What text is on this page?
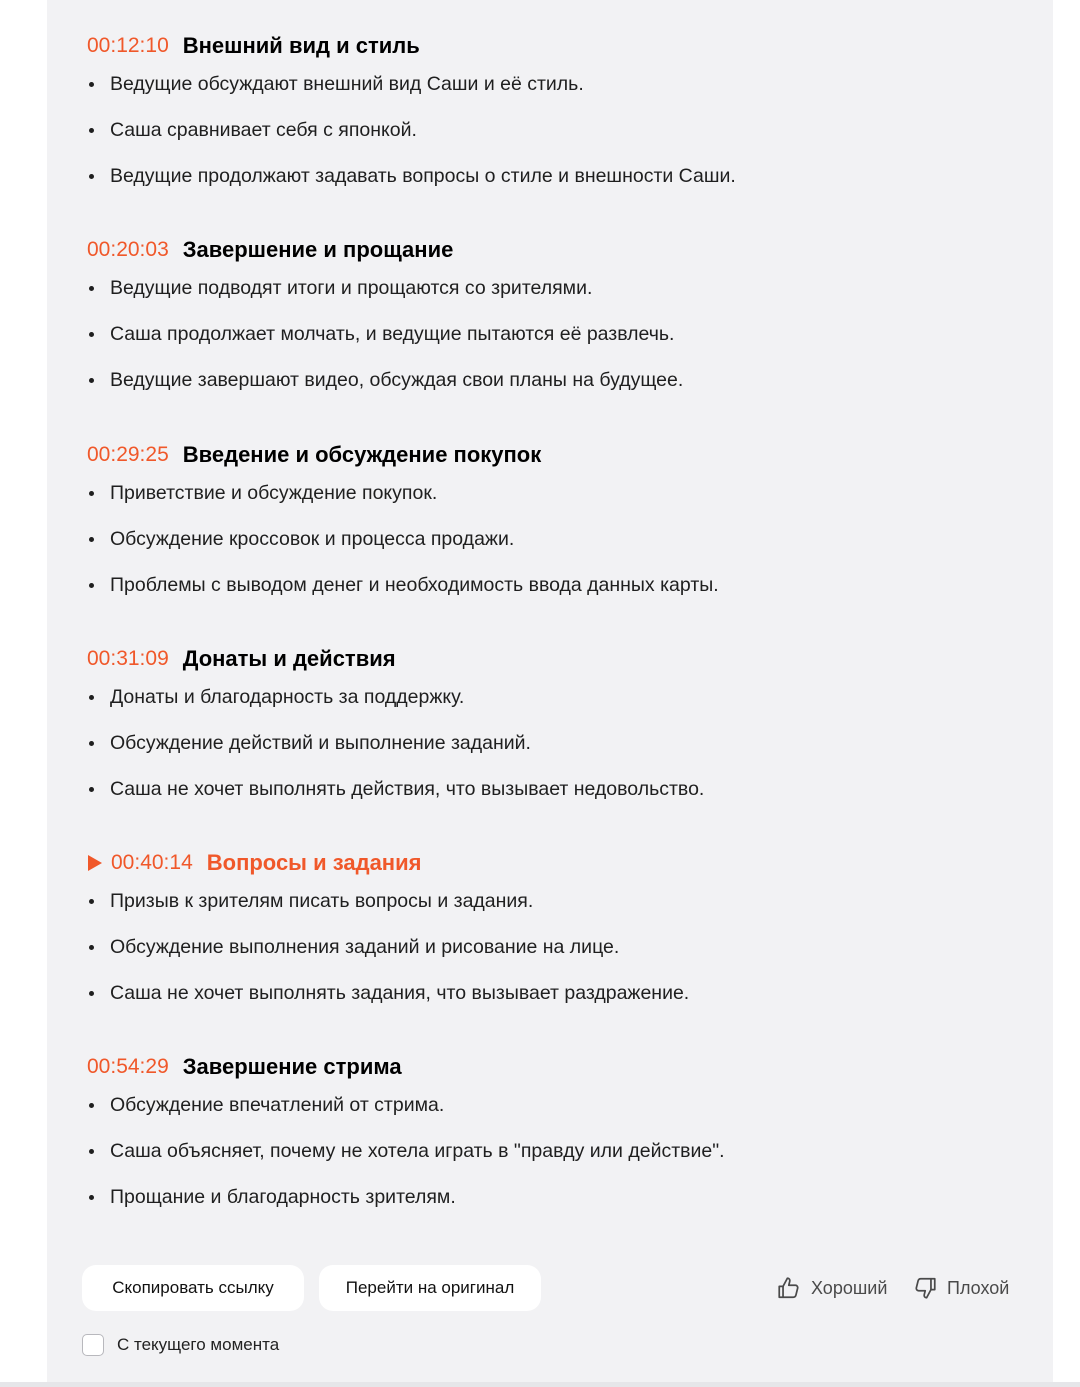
00:12:10 Внешний вид и стиль
Ведущие обсуждают внешний вид Саши и её стиль.
Саша сравнивает себя с японкой.
Ведущие продолжают задавать вопросы о стиле и внешности Саши.
00:20:03 Завершение и прощание
Ведущие подводят итоги и прощаются со зрителями.
Саша продолжает молчать, и ведущие пытаются её развлечь.
Ведущие завершают видео, обсуждая свои планы на будущее.
00:29:25 Введение и обсуждение покупок
Приветствие и обсуждение покупок.
Обсуждение кроссовок и процесса продажи.
Проблемы с выводом денег и необходимость ввода данных карты.
00:31:09 Донаты и действия
Донаты и благодарность за поддержку.
Обсуждение действий и выполнение заданий.
Саша не хочет выполнять действия, что вызывает недовольство.
00:40:14 Вопросы и задания
Призыв к зрителям писать вопросы и задания.
Обсуждение выполнения заданий и рисование на лице.
Саша не хочет выполнять задания, что вызывает раздражение.
00:54:29 Завершение стрима
Обсуждение впечатлений от стрима.
Саша объясняет, почему не хотела играть в "правду или действие".
Прощание и благодарность зрителям.
Скопировать ссылку	Перейти на оригинал	Хороший	Плохой
С текущего момента
